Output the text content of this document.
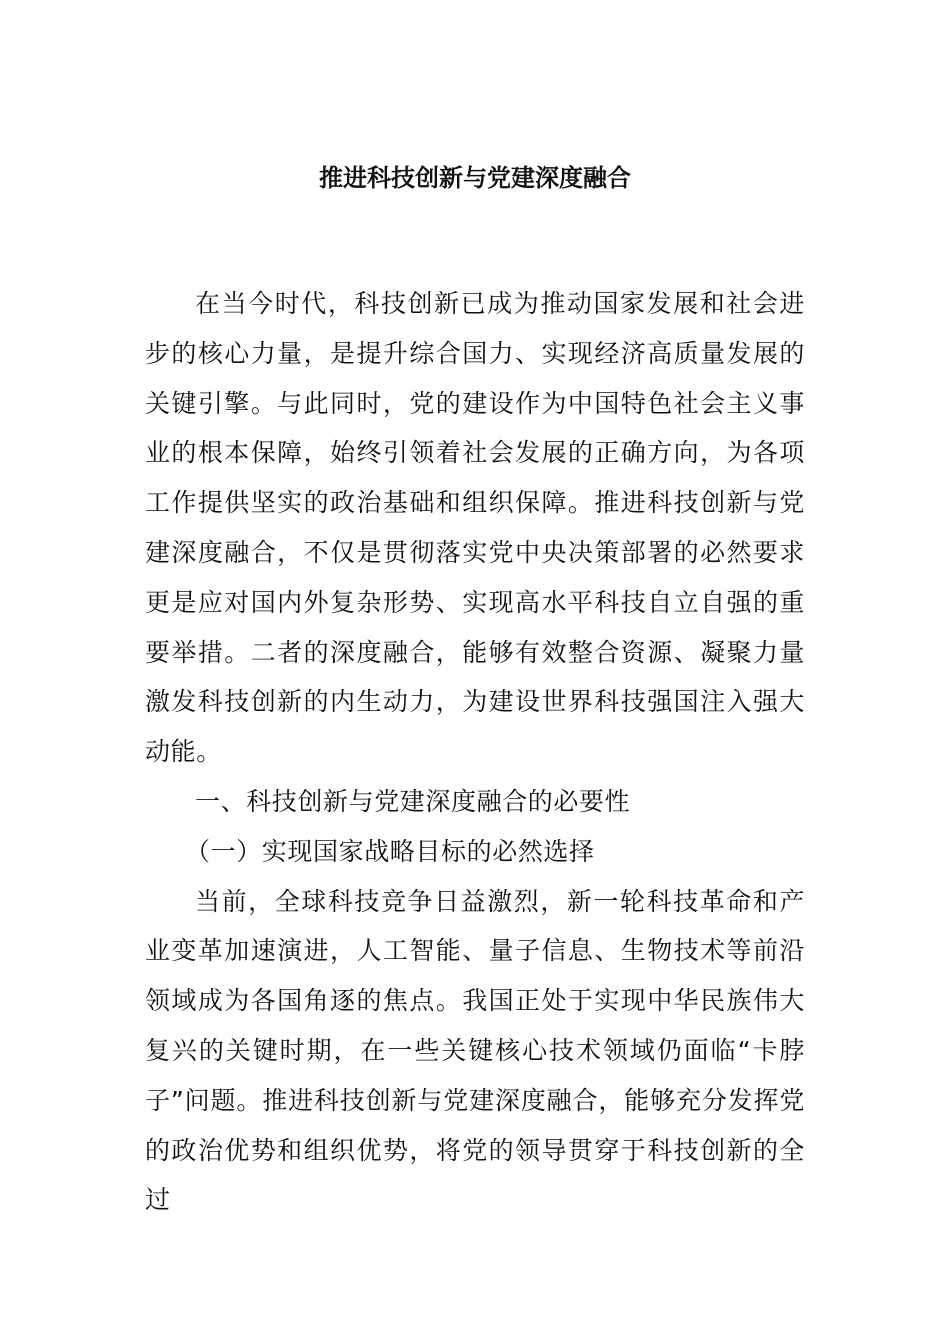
推进科技创新与党建深度融合

在当今时代，科技创新已成为推动国家发展和社会进步的核心力量，是提升综合国力、实现经济高质量发展的关键引擎。与此同时，党的建设作为中国特色社会主义事业的根本保障，始终引领着社会发展的正确方向，为各项工作提供坚实的政治基础和组织保障。推进科技创新与党建深度融合，不仅是贯彻落实党中央决策部署的必然要求更是应对国内外复杂形势、实现高水平科技自立自强的重要举措。二者的深度融合，能够有效整合资源、凝聚力量激发科技创新的内生动力，为建设世界科技强国注入强大动能。

一、科技创新与党建深度融合的必要性

（一）实现国家战略目标的必然选择

当前，全球科技竞争日益激烈，新一轮科技革命和产业变革加速演进，人工智能、量子信息、生物技术等前沿领域成为各国角逐的焦点。我国正处于实现中华民族伟大复兴的关键时期，在一些关键核心技术领域仍面临“卡脖子”问题。推进科技创新与党建深度融合，能够充分发挥党的政治优势和组织优势，将党的领导贯穿于科技创新的全过
